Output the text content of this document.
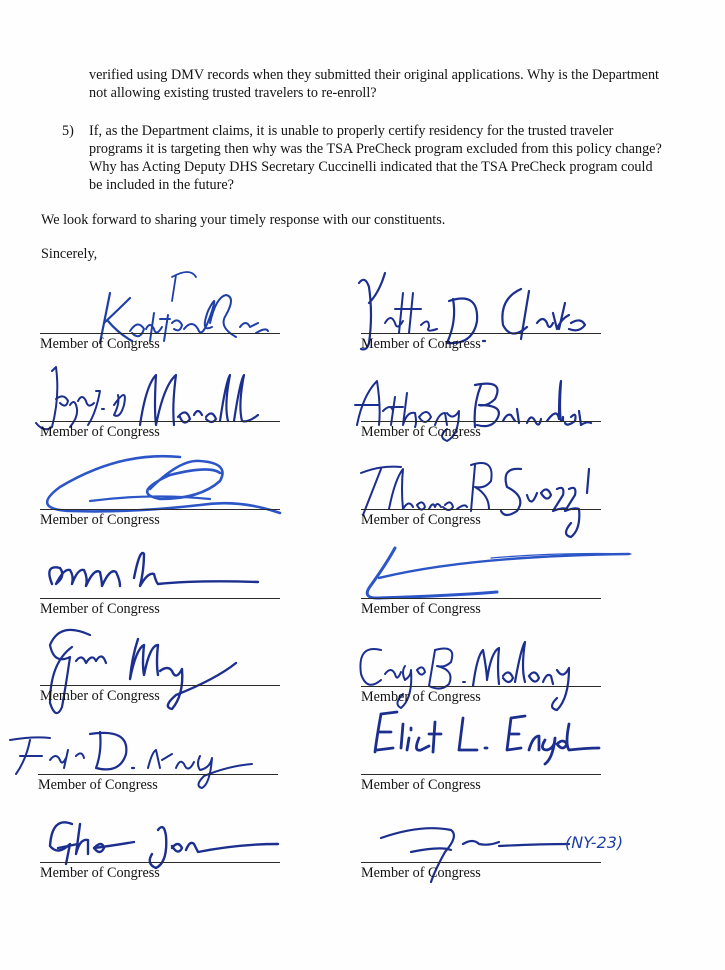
verified using DMV records when they submitted their original applications. Why is the Department not allowing existing trusted travelers to re-enroll?

5)	If, as the Department claims, it is unable to properly certify residency for the trusted traveler programs it is targeting then why was the TSA PreCheck program excluded from this policy change? Why has Acting Deputy DHS Secretary Cuccinelli indicated that the TSA PreCheck program could be included in the future?

We look forward to sharing your timely response with our constituents.

Sincerely,

Member of Congress	Member of Congress
Member of Congress	Member of Congress
Member of Congress	Member of Congress
Member of Congress	Member of Congress
Member of Congress	Member of Congress
Member of Congress	Member of Congress
Member of Congress
(NY-23)
Member of Congress
